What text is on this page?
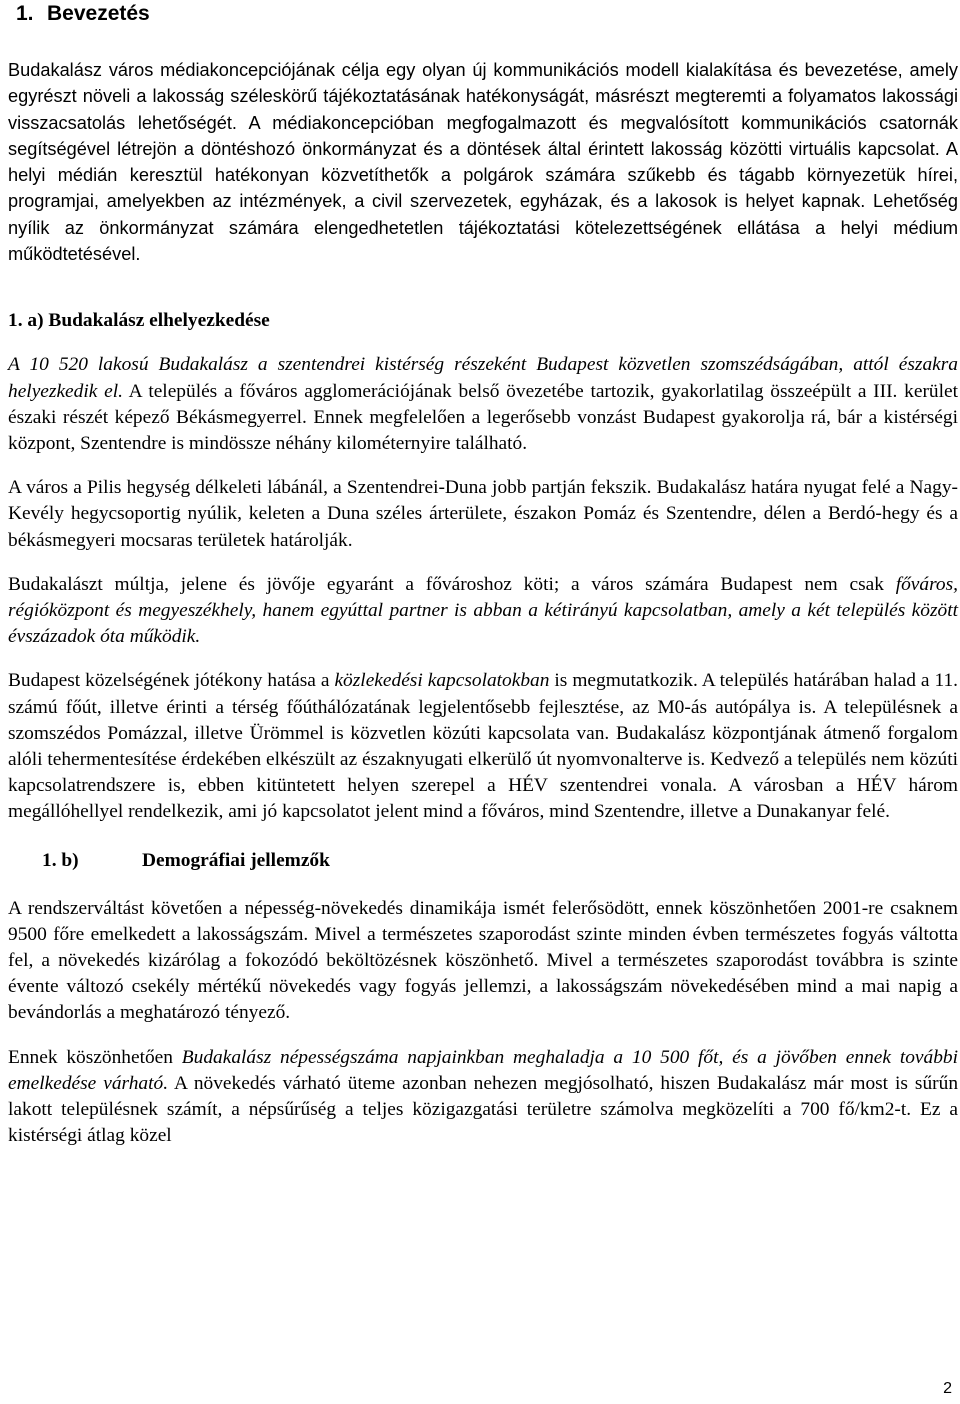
1. Bevezetés

Budakalász város médiakoncepciójának célja egy olyan új kommunikációs modell kialakítása és bevezetése, amely egyrészt növeli a lakosság széleskörű tájékoztatásának hatékonyságát, másrészt megteremti a folyamatos lakossági visszacsatolás lehetőségét. A médiakoncepcióban megfogalmazott és megvalósított kommunikációs csatornák segítségével létrejön a döntéshozó önkormányzat és a döntések által érintett lakosság közötti virtuális kapcsolat. A helyi médián keresztül hatékonyan közvetíthetők a polgárok számára szűkebb és tágabb környezetük hírei, programjai, amelyekben az intézmények, a civil szervezetek, egyházak, és a lakosok is helyet kapnak. Lehetőség nyílik az önkormányzat számára elengedhetetlen tájékoztatási kötelezettségének ellátása a helyi médium működtetésével.

1. a) Budakalász elhelyezkedése

A 10 520 lakosú Budakalász a szentendrei kistérség részeként Budapest közvetlen szomszédságában, attól északra helyezkedik el. A település a főváros agglomerációjának belső övezetébe tartozik, gyakorlatilag összeépült a III. kerület északi részét képező Békásmegyerrel. Ennek megfelelően a legerősebb vonzást Budapest gyakorolja rá, bár a kistérségi központ, Szentendre is mindössze néhány kilométernyire található.

A város a Pilis hegység délkeleti lábánál, a Szentendrei-Duna jobb partján fekszik. Budakalász határa nyugat felé a Nagy-Kevély hegycsoportig nyúlik, keleten a Duna széles árterülete, északon Pomáz és Szentendre, délen a Berdó-hegy és a békásmegyeri mocsaras területek határolják.

Budakalászt múltja, jelene és jövője egyaránt a fővároshoz köti; a város számára Budapest nem csak főváros, régióközpont és megyeszékhely, hanem egyúttal partner is abban a kétirányú kapcsolatban, amely a két település között évszázadok óta működik.

Budapest közelségének jótékony hatása a közlekedési kapcsolatokban is megmutatkozik. A település határában halad a 11. számú főút, illetve érinti a térség főúthálózatának legjelentősebb fejlesztése, az M0-ás autópálya is. A településnek a szomszédos Pomázzal, illetve Ürömmel is közvetlen közúti kapcsolata van. Budakalász központjának átmenő forgalom alóli tehermentesítése érdekében elkészült az északnyugati elkerülő út nyomvonalterve is. Kedvező a település nem közúti kapcsolatrendszere is, ebben kitüntetett helyen szerepel a HÉV szentendrei vonala. A városban a HÉV három megállóhellyel rendelkezik, ami jó kapcsolatot jelent mind a főváros, mind Szentendre, illetve a Dunakanyar felé.

1. b)	Demográfiai jellemzők

A rendszerváltást követően a népesség-növekedés dinamikája ismét felerősödött, ennek köszönhetően 2001-re csaknem 9500 főre emelkedett a lakosságszám. Mivel a természetes szaporodást szinte minden évben természetes fogyás váltotta fel, a növekedés kizárólag a fokozódó beköltözésnek köszönhető. Mivel a természetes szaporodást továbbra is szinte évente változó csekély mértékű növekedés vagy fogyás jellemzi, a lakosságszám növekedésében mind a mai napig a bevándorlás a meghatározó tényező.

Ennek köszönhetően Budakalász népességszáma napjainkban meghaladja a 10 500 főt, és a jövőben ennek további emelkedése várható. A növekedés várható üteme azonban nehezen megjósolható, hiszen Budakalász már most is sűrűn lakott településnek számít, a népsűrűség a teljes közigazgatási területre számolva megközelíti a 700 fő/km2-t. Ez a kistérségi átlag közel

2
